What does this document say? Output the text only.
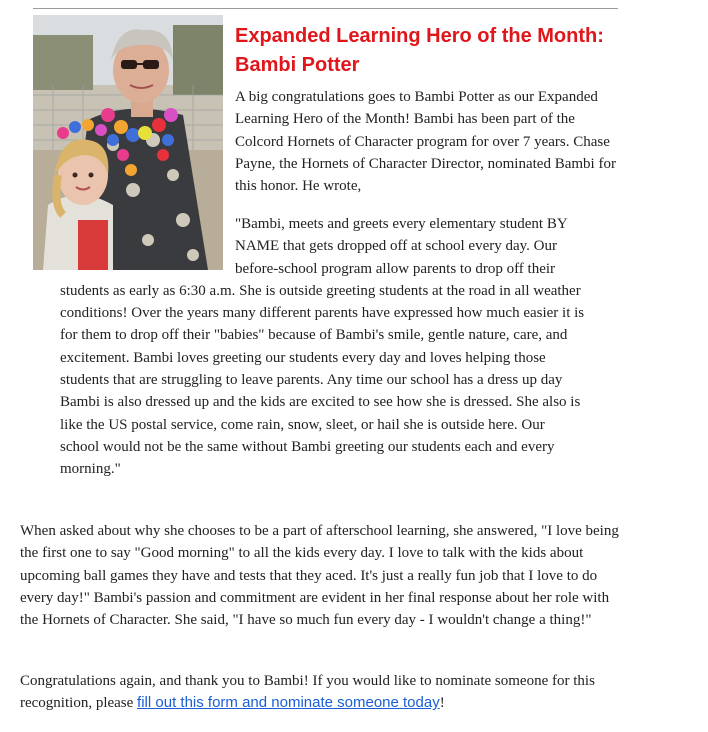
Expanded Learning Hero of the Month: Bambi Potter

A big congratulations goes to Bambi Potter as our Expanded Learning Hero of the Month! Bambi has been part of the Colcord Hornets of Character program for over 7 years. Chase Payne, the Hornets of Character Director, nominated Bambi for this honor. He wrote,

"Bambi, meets and greets every elementary student BY NAME that gets dropped off at school every day. Our before-school program allow parents to drop off their students as early as 6:30 a.m. She is outside greeting students at the road in all weather conditions! Over the years many different parents have expressed how much easier it is for them to drop off their "babies" because of Bambi's smile, gentle nature, care, and excitement. Bambi loves greeting our students every day and loves helping those students that are struggling to leave parents. Any time our school has a dress up day Bambi is also dressed up and the kids are excited to see how she is dressed. She also is like the US postal service, come rain, snow, sleet, or hail she is outside here. Our school would not be the same without Bambi greeting our students each and every morning."

When asked about why she chooses to be a part of afterschool learning, she answered, "I love being the first one to say "Good morning" to all the kids every day. I love to talk with the kids about upcoming ball games they have and tests that they aced. It's just a really fun job that I love to do every day!" Bambi's passion and commitment are evident in her final response about her role with the Hornets of Character. She said, "I have so much fun every day - I wouldn't change a thing!"

Congratulations again, and thank you to Bambi! If you would like to nominate someone for this recognition, please fill out this form and nominate someone today!
